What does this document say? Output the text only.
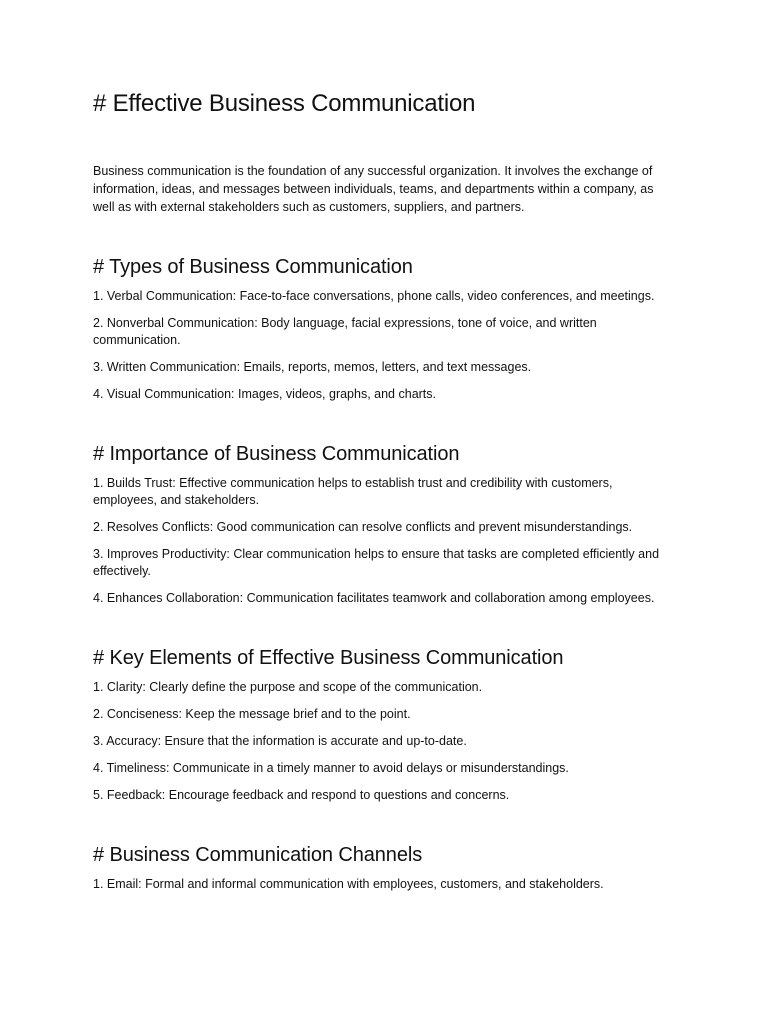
# Effective Business Communication

Business communication is the foundation of any successful organization. It involves the exchange of information, ideas, and messages between individuals, teams, and departments within a company, as well as with external stakeholders such as customers, suppliers, and partners.

# Types of Business Communication

1. Verbal Communication: Face-to-face conversations, phone calls, video conferences, and meetings.

2. Nonverbal Communication: Body language, facial expressions, tone of voice, and written communication.

3. Written Communication: Emails, reports, memos, letters, and text messages.

4. Visual Communication: Images, videos, graphs, and charts.

# Importance of Business Communication

1. Builds Trust: Effective communication helps to establish trust and credibility with customers, employees, and stakeholders.

2. Resolves Conflicts: Good communication can resolve conflicts and prevent misunderstandings.

3. Improves Productivity: Clear communication helps to ensure that tasks are completed efficiently and effectively.

4. Enhances Collaboration: Communication facilitates teamwork and collaboration among employees.

# Key Elements of Effective Business Communication

1. Clarity: Clearly define the purpose and scope of the communication.

2. Conciseness: Keep the message brief and to the point.

3. Accuracy: Ensure that the information is accurate and up-to-date.

4. Timeliness: Communicate in a timely manner to avoid delays or misunderstandings.

5. Feedback: Encourage feedback and respond to questions and concerns.

# Business Communication Channels

1. Email: Formal and informal communication with employees, customers, and stakeholders.
